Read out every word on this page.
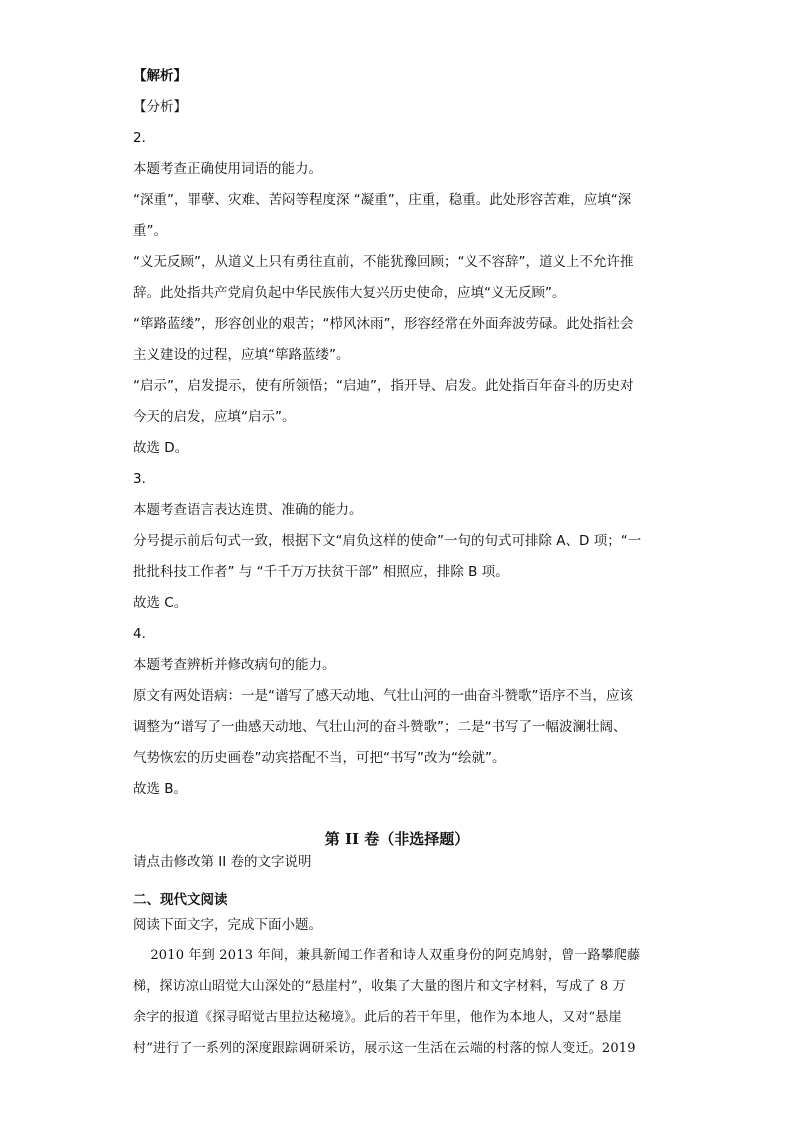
【解析】
【分析】
2．
本题考查正确使用词语的能力。
“深重”，罪孽、灾难、苦闷等程度深 “凝重”，庄重，稳重。此处形容苦难，应填“深
重”。
“义无反顾”，从道义上只有勇往直前，不能犹豫回顾；“义不容辞”，道义上不允许推
辞。此处指共产党肩负起中华民族伟大复兴历史使命，应填“义无反顾”。
“筚路蓝缕”，形容创业的艰苦；“栉风沐雨”，形容经常在外面奔波劳碌。此处指社会
主义建设的过程，应填“筚路蓝缕”。
“启示”，启发提示，使有所领悟；“启迪”，指开导、启发。此处指百年奋斗的历史对
今天的启发，应填“启示”。
故选 D。
3．
本题考查语言表达连贯、准确的能力。
分号提示前后句式一致，根据下文“肩负这样的使命”一句的句式可排除 A、D 项；“一
批批科技工作者” 与 “千千万万扶贫干部” 相照应，排除 B 项。
故选 C。
4．
本题考查辨析并修改病句的能力。
原文有两处语病：一是“谱写了感天动地、气壮山河的一曲奋斗赞歌”语序不当，应该
调整为“谱写了一曲感天动地、气壮山河的奋斗赞歌”；二是“书写了一幅波澜壮阔、
气势恢宏的历史画卷”动宾搭配不当，可把“书写”改为“绘就”。
故选 B。
第 II 卷（非选择题）
请点击修改第 II 卷的文字说明
二、现代文阅读
阅读下面文字，完成下面小题。
2010 年到 2013 年间，兼具新闻工作者和诗人双重身份的阿克鸠射，曾一路攀爬藤
梯，探访凉山昭觉大山深处的“悬崖村”，收集了大量的图片和文字材料，写成了 8 万
余字的报道《探寻昭觉古里拉达秘境》。此后的若干年里，他作为本地人，又对“悬崖
村”进行了一系列的深度跟踪调研采访，展示这一生活在云端的村落的惊人变迁。2019
